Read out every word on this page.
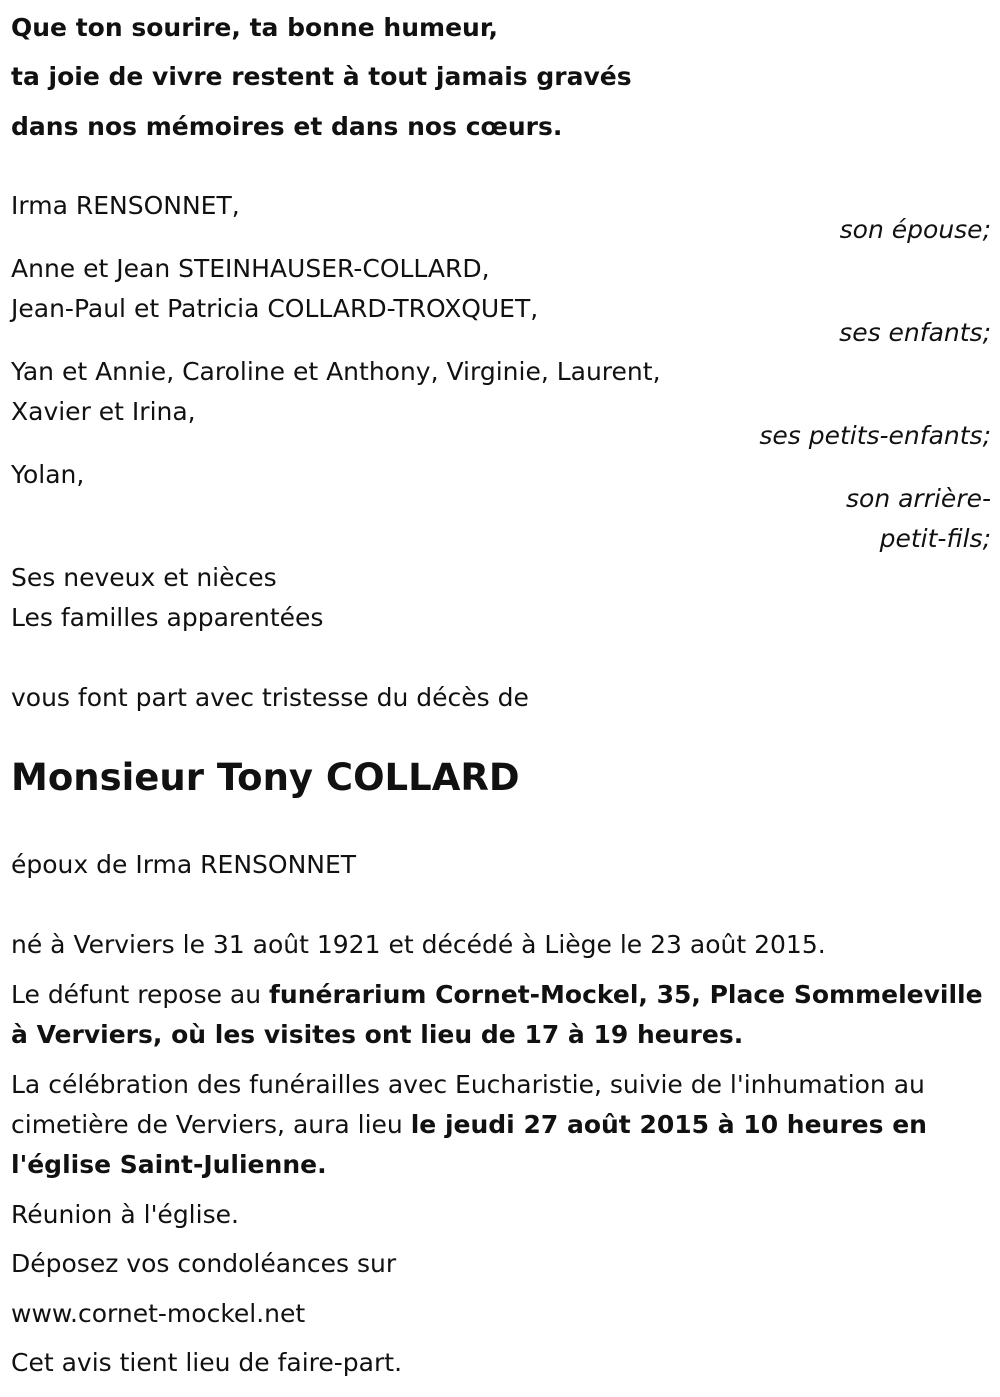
Que ton sourire, ta bonne humeur,
ta joie de vivre restent à tout jamais gravés
dans nos mémoires et dans nos cœurs.
Irma RENSONNET,
son épouse;
Anne et Jean STEINHAUSER-COLLARD,
Jean-Paul et Patricia COLLARD-TROXQUET,
ses enfants;
Yan et Annie, Caroline et Anthony, Virginie, Laurent,
Xavier et Irina,
ses petits-enfants;
Yolan,
son arrière-
petit-fils;
Ses neveux et nièces
Les familles apparentées
vous font part avec tristesse du décès de
Monsieur Tony COLLARD
époux de Irma RENSONNET
né à Verviers le 31 août 1921 et décédé à Liège le 23 août 2015.
Le défunt repose au funérarium Cornet-Mockel, 35, Place Sommeleville
à Verviers, où les visites ont lieu de 17 à 19 heures.
La célébration des funérailles avec Eucharistie, suivie de l'inhumation au
cimetière de Verviers, aura lieu le jeudi 27 août 2015 à 10 heures en
l'église Saint-Julienne.
Réunion à l'église.
Déposez vos condoléances sur
www.cornet-mockel.net
Cet avis tient lieu de faire-part.
